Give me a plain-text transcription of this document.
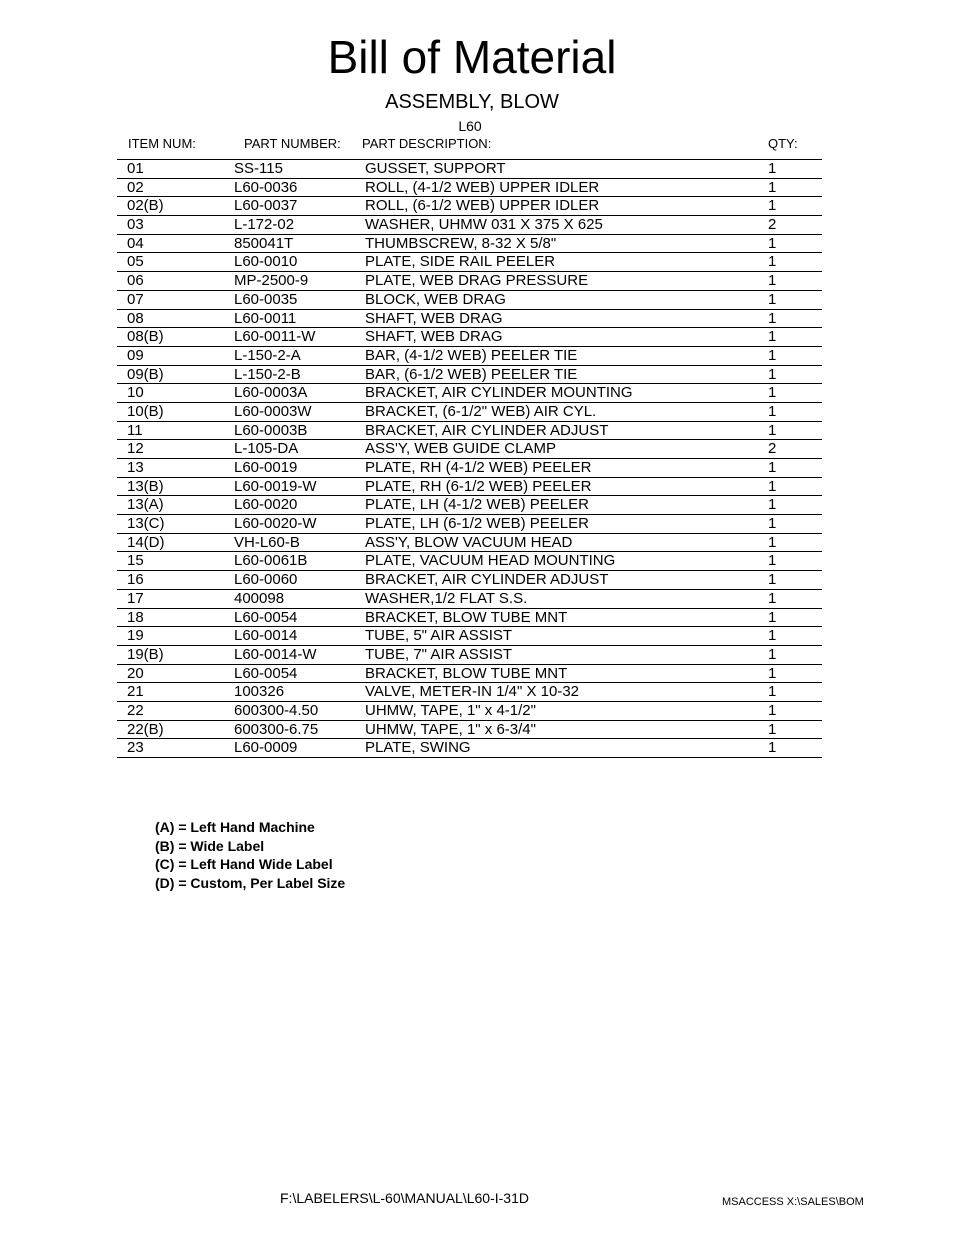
Bill of Material
ASSEMBLY, BLOW
L60
ITEM NUM:	PART NUMBER: PART DESCRIPTION:	QTY:
01	SS-115	GUSSET, SUPPORT	1
02	L60-0036	ROLL, (4-1/2 WEB) UPPER IDLER	1
02(B)	L60-0037	ROLL, (6-1/2 WEB) UPPER IDLER	1
03	L-172-02	WASHER, UHMW 031 X 375 X 625	2
04	850041T	THUMBSCREW, 8-32 X 5/8"	1
05	L60-0010	PLATE, SIDE RAIL PEELER	1
06	MP-2500-9	PLATE, WEB DRAG PRESSURE	1
07	L60-0035	BLOCK, WEB DRAG	1
08	L60-0011	SHAFT, WEB DRAG	1
08(B)	L60-0011-W	SHAFT, WEB DRAG	1
09	L-150-2-A	BAR, (4-1/2 WEB) PEELER TIE	1
09(B)	L-150-2-B	BAR, (6-1/2 WEB) PEELER TIE	1
10	L60-0003A	BRACKET, AIR CYLINDER MOUNTING	1
10(B)	L60-0003W	BRACKET, (6-1/2" WEB) AIR CYL.	1
11	L60-0003B	BRACKET, AIR CYLINDER ADJUST	1
12	L-105-DA	ASS'Y, WEB GUIDE CLAMP	2
13	L60-0019	PLATE, RH (4-1/2 WEB) PEELER	1
13(B)	L60-0019-W	PLATE, RH (6-1/2 WEB) PEELER	1
13(A)	L60-0020	PLATE, LH (4-1/2 WEB) PEELER	1
13(C)	L60-0020-W	PLATE, LH (6-1/2 WEB) PEELER	1
14(D)	VH-L60-B	ASS'Y, BLOW VACUUM HEAD	1
15	L60-0061B	PLATE, VACUUM HEAD MOUNTING	1
16	L60-0060	BRACKET, AIR CYLINDER ADJUST	1
17	400098	WASHER,1/2 FLAT S.S.	1
18	L60-0054	BRACKET, BLOW TUBE MNT	1
19	L60-0014	TUBE, 5" AIR ASSIST	1
19(B)	L60-0014-W	TUBE, 7" AIR ASSIST	1
20	L60-0054	BRACKET, BLOW TUBE MNT	1
21	100326	VALVE, METER-IN 1/4" X 10-32	1
22	600300-4.50	UHMW, TAPE, 1" x 4-1/2"	1
22(B)	600300-6.75	UHMW, TAPE, 1" x 6-3/4"	1
23	L60-0009	PLATE, SWING	1
(A) = Left Hand Machine
(B) = Wide Label
(C) = Left Hand Wide Label
(D) = Custom, Per Label Size
F:\LABELERS\L-60\MANUAL\L60-I-31D	MSACCESS X:\SALES\BOM
